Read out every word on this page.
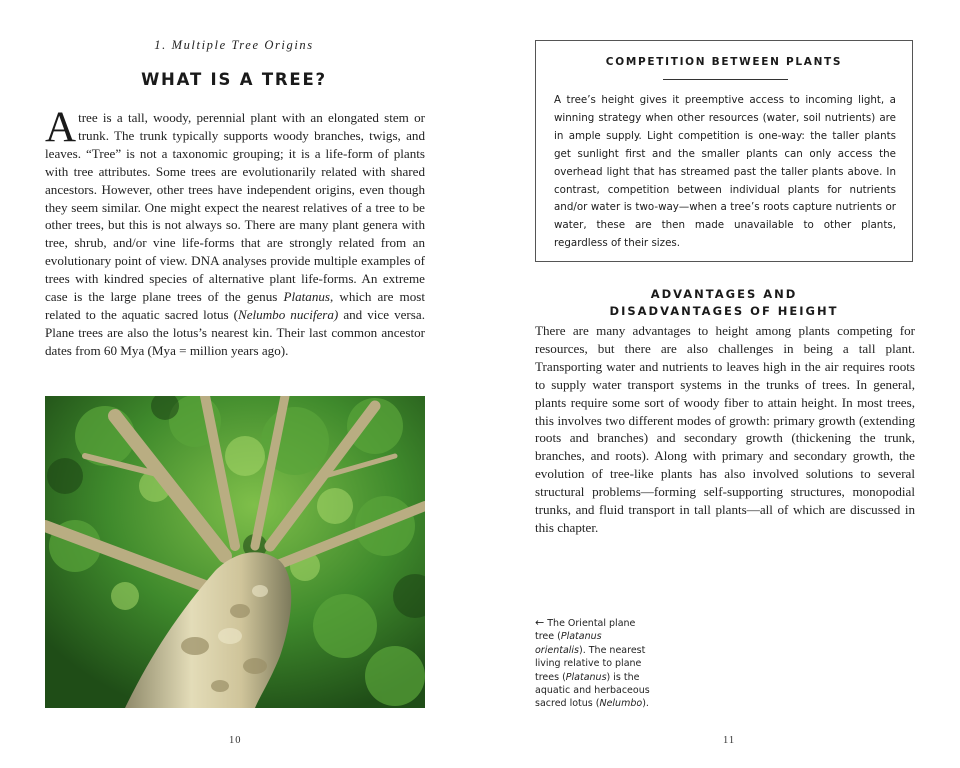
1. Multiple Tree Origins
WHAT IS A TREE?

Atree is a tall, woody, perennial plant with an elongated stem or trunk. The trunk typically supports woody branches, twigs, and leaves. “Tree” is not a taxonomic grouping; it is a life-form of plants with tree attributes. Some trees are evolutionarily related with shared ancestors. However, other trees have independent origins, even though they seem similar. One might expect the nearest relatives of a tree to be other trees, but this is not always so. There are many plant genera with tree, shrub, and/or vine life-forms that are strongly related from an evolutionary point of view. DNA analyses provide multiple examples of trees with kindred species of alternative plant life-forms. An extreme case is the large plane trees of the genus Platanus, which are most related to the aquatic sacred lotus (Nelumbo nucifera) and vice versa. Plane trees are also the lotus’s nearest kin. Their last common ancestor dates from 60 Mya (Mya = million years ago).

10
COMPETITION BETWEEN PLANTS

A tree’s height gives it preemptive access to incoming light, a winning strategy when other resources (water, soil nutrients) are in ample supply. Light competition is one-way: the taller plants get sunlight first and the smaller plants can only access the overhead light that has streamed past the taller plants above. In contrast, competition between individual plants for nutrients and/or water is two-way—when a tree’s roots capture nutrients or water, these are then made unavailable to other plants, regardless of their sizes.

ADVANTAGES AND
DISADVANTAGES OF HEIGHT

There are many advantages to height among plants competing for resources, but there are also challenges in being a tall plant. Transporting water and nutrients to leaves high in the air requires roots to supply water transport systems in the trunks of trees. In general, plants require some sort of woody fiber to attain height. In most trees, this involves two different modes of growth: primary growth (extending roots and branches) and secondary growth (thickening the trunk, branches, and roots). Along with primary and secondary growth, the evolution of tree-like plants has also involved solutions to several structural problems—forming self-supporting structures, monopodial trunks, and fluid transport in tall plants—all of which are discussed in this chapter.

← The Oriental plane tree (Platanus orientalis). The nearest living relative to plane trees (Platanus) is the aquatic and herbaceous sacred lotus (Nelumbo).
11
